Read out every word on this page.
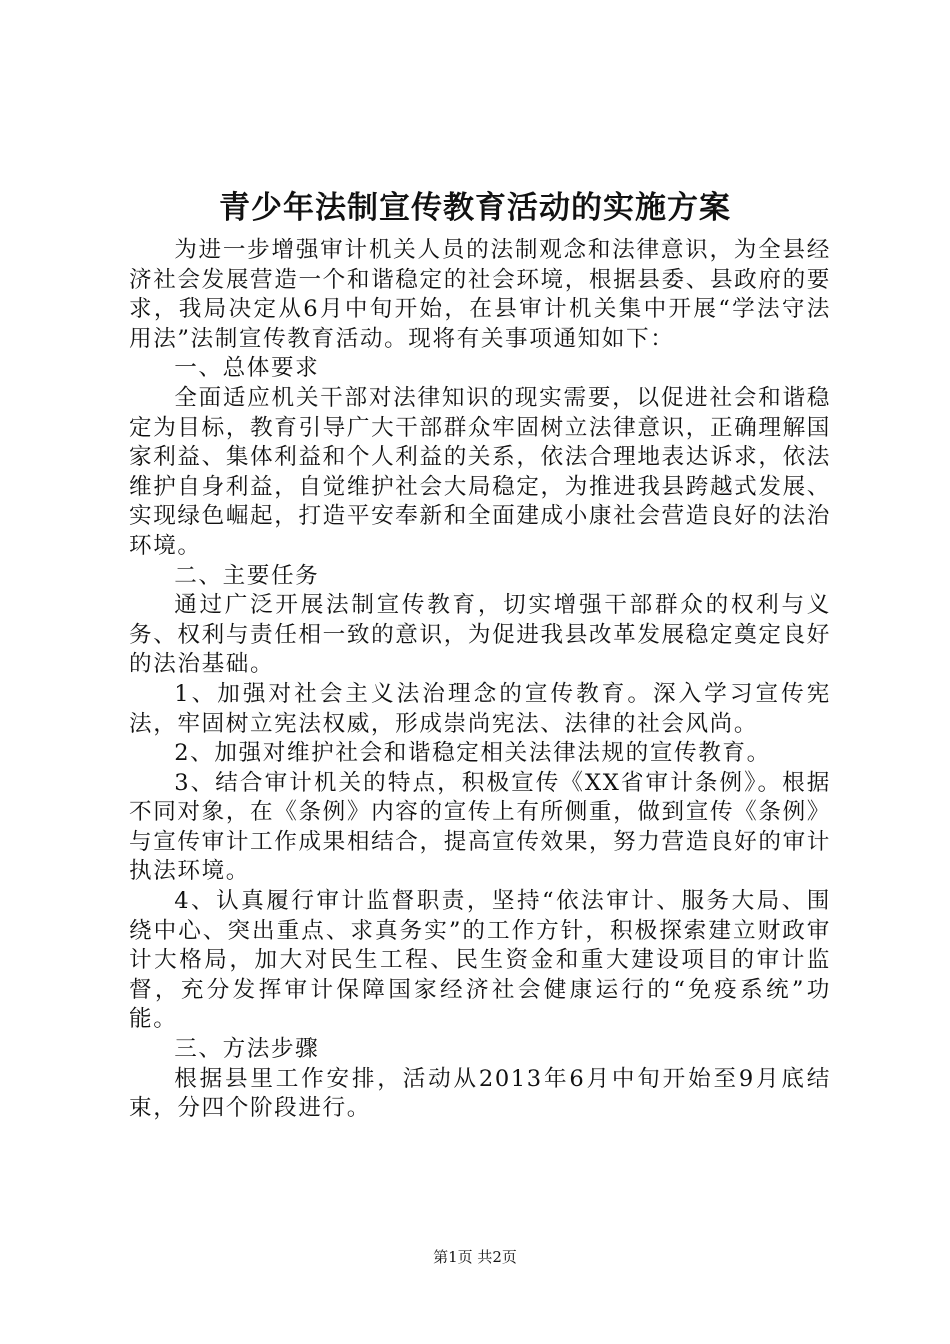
青少年法制宣传教育活动的实施方案

为进一步增强审计机关人员的法制观念和法律意识，为全县经济社会发展营造一个和谐稳定的社会环境，根据县委、县政府的要求，我局决定从6月中旬开始，在县审计机关集中开展“学法守法用法”法制宣传教育活动。现将有关事项通知如下：

一、总体要求

全面适应机关干部对法律知识的现实需要，以促进社会和谐稳定为目标，教育引导广大干部群众牢固树立法律意识，正确理解国家利益、集体利益和个人利益的关系，依法合理地表达诉求，依法维护自身利益，自觉维护社会大局稳定，为推进我县跨越式发展、实现绿色崛起，打造平安奉新和全面建成小康社会营造良好的法治环境。

二、主要任务

通过广泛开展法制宣传教育，切实增强干部群众的权利与义务、权利与责任相一致的意识，为促进我县改革发展稳定奠定良好的法治基础。

1、加强对社会主义法治理念的宣传教育。深入学习宣传宪法，牢固树立宪法权威，形成崇尚宪法、法律的社会风尚。

2、加强对维护社会和谐稳定相关法律法规的宣传教育。

3、结合审计机关的特点，积极宣传《XX省审计条例》。根据不同对象，在《条例》内容的宣传上有所侧重，做到宣传《条例》与宣传审计工作成果相结合，提高宣传效果，努力营造良好的审计执法环境。

4、认真履行审计监督职责，坚持“依法审计、服务大局、围绕中心、突出重点、求真务实”的工作方针，积极探索建立财政审计大格局，加大对民生工程、民生资金和重大建设项目的审计监督，充分发挥审计保障国家经济社会健康运行的“免疫系统”功能。

三、方法步骤

根据县里工作安排，活动从2013年6月中旬开始至9月底结束，分四个阶段进行。

第1页 共2页
